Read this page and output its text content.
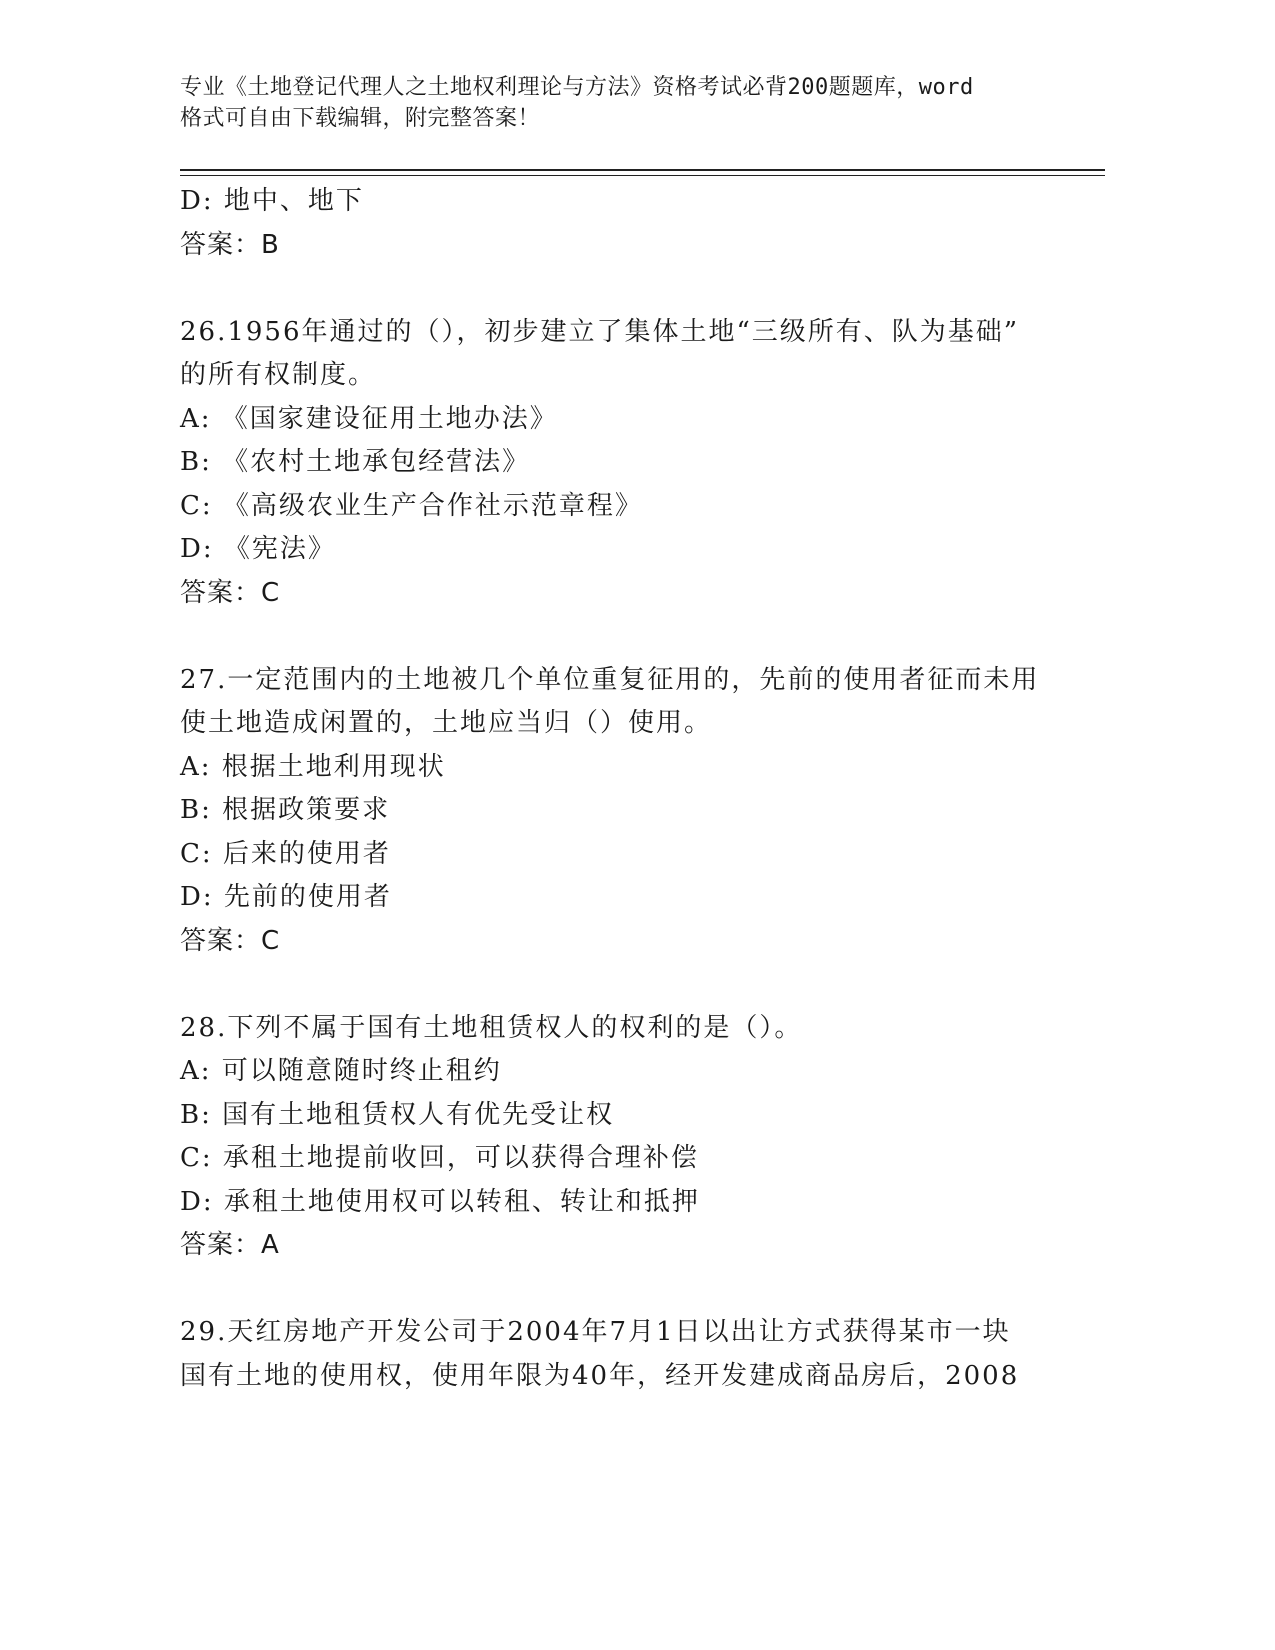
专业《土地登记代理人之土地权利理论与方法》资格考试必背200题题库，word
格式可自由下载编辑，附完整答案！
D: 地中、地下
答案：B
26.1956年通过的（），初步建立了集体土地“三级所有、队为基础”
的所有权制度。
A: 《国家建设征用土地办法》
B: 《农村土地承包经营法》
C: 《高级农业生产合作社示范章程》
D: 《宪法》
答案：C
27.一定范围内的土地被几个单位重复征用的，先前的使用者征而未用
使土地造成闲置的，土地应当归（）使用。
A: 根据土地利用现状
B: 根据政策要求
C: 后来的使用者
D: 先前的使用者
答案：C
28.下列不属于国有土地租赁权人的权利的是（）。
A: 可以随意随时终止租约
B: 国有土地租赁权人有优先受让权
C: 承租土地提前收回，可以获得合理补偿
D: 承租土地使用权可以转租、转让和抵押
答案：A
29.天红房地产开发公司于2004年7月1日以出让方式获得某市一块
国有土地的使用权，使用年限为40年，经开发建成商品房后，2008
